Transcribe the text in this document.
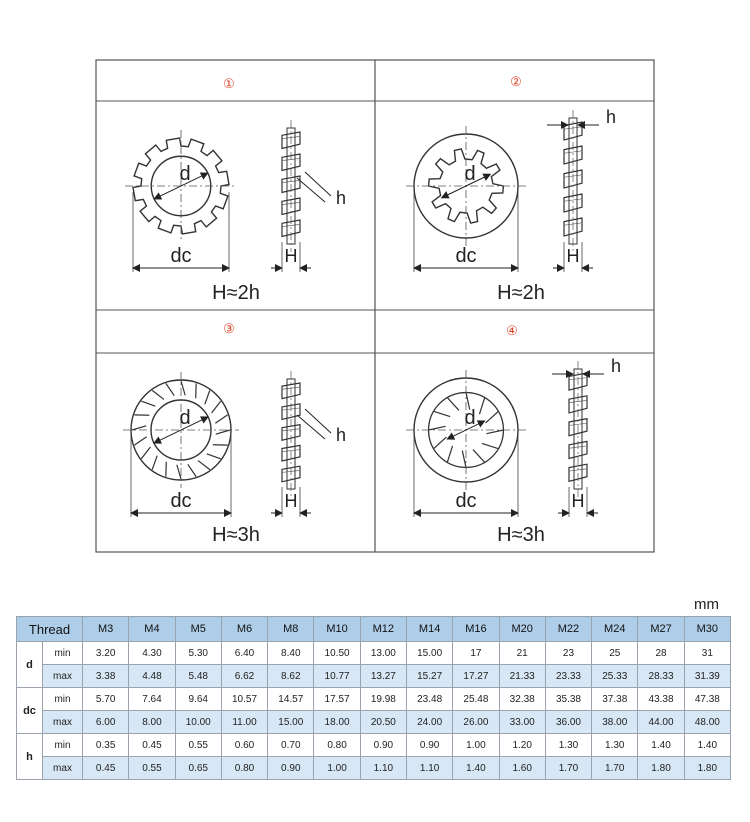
①
d
dc	H
h
H≈2h
②
d
dc	H
h
H≈2h
③
d
dc	H
h
H≈3h
④
d
dc	H
h
H≈3h
mm
Thread		M3	M4	M5	M6	M8	M10	M12	M14	M16	M20	M22	M24	M27	M30
d	min	3.20	4.30	5.30	6.40	8.40	10.50	13.00	15.00	17	21	23	25	28	31
	max	3.38	4.48	5.48	6.62	8.62	10.77	13.27	15.27	17.27	21.33	23.33	25.33	28.33	31.39
dc	min	5.70	7.64	9.64	10.57	14.57	17.57	19.98	23.48	25.48	32.38	35.38	37.38	43.38	47.38
	max	6.00	8.00	10.00	11.00	15.00	18.00	20.50	24.00	26.00	33.00	36.00	38.00	44.00	48.00
h	min	0.35	0.45	0.55	0.60	0.70	0.80	0.90	0.90	1.00	1.20	1.30	1.30	1.40	1.40
	max	0.45	0.55	0.65	0.80	0.90	1.00	1.10	1.10	1.40	1.60	1.70	1.70	1.80	1.80
